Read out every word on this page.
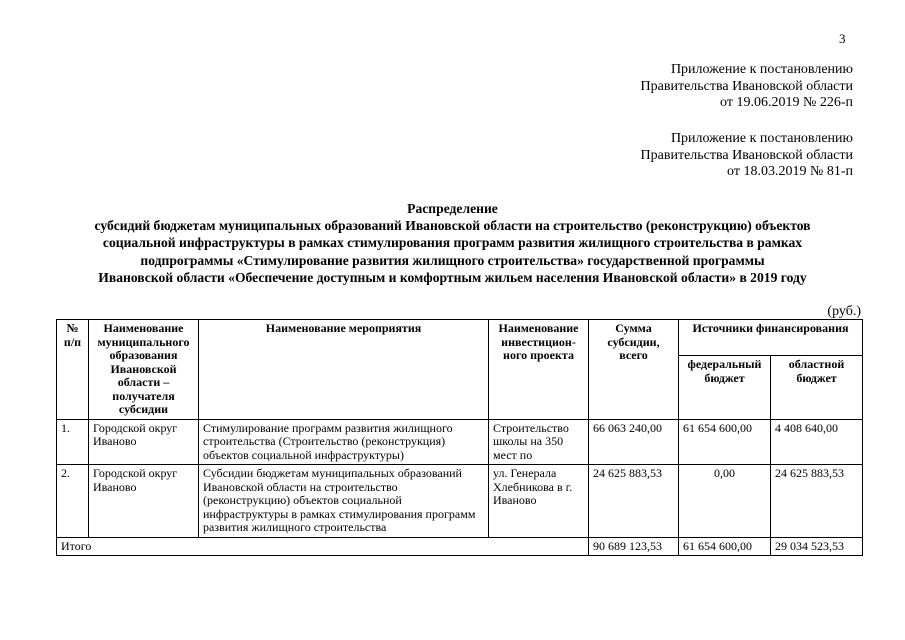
3
Приложение к постановлению
Правительства Ивановской области
от 19.06.2019 № 226-п
Приложение к постановлению
Правительства Ивановской области
от 18.03.2019 № 81-п
Распределение
субсидий бюджетам муниципальных образований Ивановской области на строительство (реконструкцию) объектов
социальной инфраструктуры в рамках стимулирования программ развития жилищного строительства в рамках
подпрограммы «Стимулирование развития жилищного строительства» государственной программы
Ивановской области «Обеспечение доступным и комфортным жильем населения Ивановской области» в 2019 году
(руб.)
№ п/п	Наименование муниципального образования Ивановской области – получателя субсидии	Наименование мероприятия	Наименование инвестицион-ного проекта	Сумма субсидии, всего	Источники финансирования	
					федеральный бюджет	областной бюджет
1.	Городской округ Иваново	Стимулирование программ развития жилищного строительства (Строительство (реконструкция) объектов социальной инфраструктуры)	Строительство школы на 350 мест по	66 063 240,00	61 654 600,00	4 408 640,00
2.	Городской округ Иваново	Субсидии бюджетам муниципальных образований Ивановской области на строительство (реконструкцию) объектов социальной инфраструктуры в рамках стимулирования программ развития жилищного строительства	ул. Генерала Хлебникова в г. Иваново	24 625 883,53	0,00	24 625 883,53
Итого				90 689 123,53	61 654 600,00	29 034 523,53
